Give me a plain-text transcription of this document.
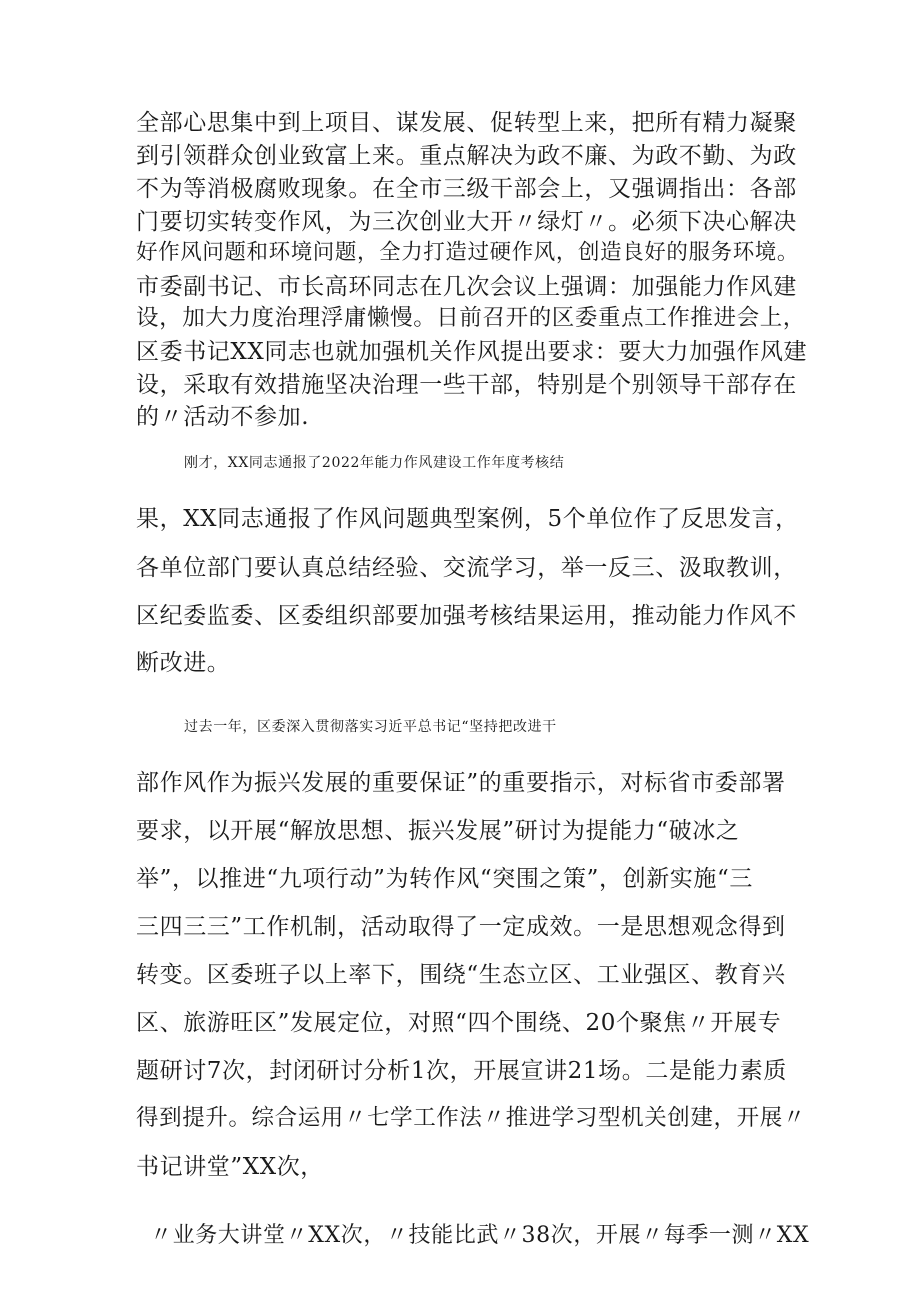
全部心思集中到上项目、谋发展、促转型上来，把所有精力凝聚
到引领群众创业致富上来。重点解决为政不廉、为政不勤、为政
不为等消极腐败现象。在全市三级干部会上，又强调指出：各部
门要切实转变作风，为三次创业大开〃绿灯〃。必须下决心解决
好作风问题和环境问题，全力打造过硬作风，创造良好的服务环境。
市委副书记、市长高环同志在几次会议上强调：加强能力作风建
设，加大力度治理浮庸懒慢。日前召开的区委重点工作推进会上，
区委书记XX同志也就加强机关作风提出要求：要大力加强作风建
设，采取有效措施坚决治理一些干部，特别是个别领导干部存在
的〃活动不参加.
刚才，XX同志通报了2022年能力作风建设工作年度考核结
果，XX同志通报了作风问题典型案例，5个单位作了反思发言，
各单位部门要认真总结经验、交流学习，举一反三、汲取教训，
区纪委监委、区委组织部要加强考核结果运用，推动能力作风不
断改进。
过去一年，区委深入贯彻落实习近平总书记“坚持把改进干
部作风作为振兴发展的重要保证”的重要指示，对标省市委部署
要求，以开展“解放思想、振兴发展”研讨为提能力“破冰之
举”，以推进“九项行动”为转作风“突围之策”，创新实施“三
三四三三”工作机制，活动取得了一定成效。一是思想观念得到
转变。区委班子以上率下，围绕“生态立区、工业强区、教育兴
区、旅游旺区”发展定位，对照“四个围绕、20个聚焦〃开展专
题研讨7次，封闭研讨分析1次，开展宣讲21场。二是能力素质
得到提升。综合运用〃七学工作法〃推进学习型机关创建，开展〃
书记讲堂”XX次，
〃业务大讲堂〃XX次，〃技能比武〃38次，开展〃每季一测〃XX
